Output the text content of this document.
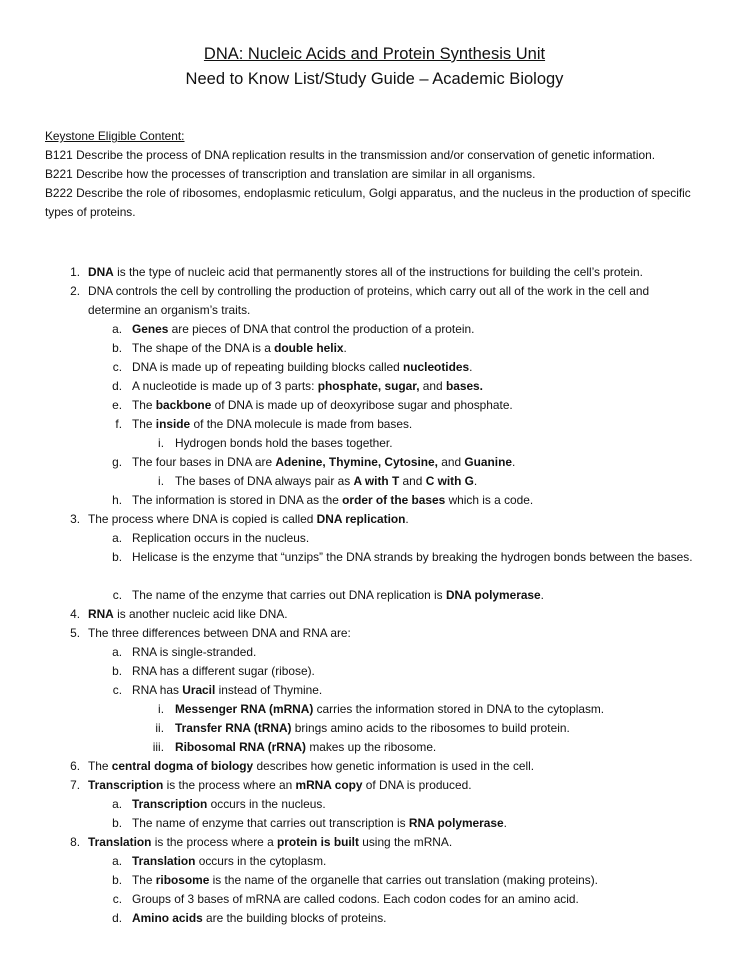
DNA: Nucleic Acids and Protein Synthesis Unit
Need to Know List/Study Guide – Academic Biology

Keystone Eligible Content:

B121 Describe the process of DNA replication results in the transmission and/or conservation of genetic information.

B221 Describe how the processes of transcription and translation are similar in all organisms.

B222 Describe the role of ribosomes, endoplasmic reticulum, Golgi apparatus, and the nucleus in the production of specific types of proteins.

1. DNA is the type of nucleic acid that permanently stores all of the instructions for building the cell’s protein.
2. DNA controls the cell by controlling the production of proteins, which carry out all of the work in the cell and determine an organism’s traits.
a. Genes are pieces of DNA that control the production of a protein.
b. The shape of the DNA is a double helix.
c. DNA is made up of repeating building blocks called nucleotides.
d. A nucleotide is made up of 3 parts: phosphate, sugar, and bases.
e. The backbone of DNA is made up of deoxyribose sugar and phosphate.
f. The inside of the DNA molecule is made from bases.
i. Hydrogen bonds hold the bases together.
g. The four bases in DNA are Adenine, Thymine, Cytosine, and Guanine.
i. The bases of DNA always pair as A with T and C with G.
h. The information is stored in DNA as the order of the bases which is a code.
3. The process where DNA is copied is called DNA replication.
a. Replication occurs in the nucleus.
b. Helicase is the enzyme that “unzips” the DNA strands by breaking the hydrogen bonds between the bases.
c. The name of the enzyme that carries out DNA replication is DNA polymerase.
4. RNA is another nucleic acid like DNA.
5. The three differences between DNA and RNA are:
a. RNA is single-stranded.
b. RNA has a different sugar (ribose).
c. RNA has Uracil instead of Thymine.
i. Messenger RNA (mRNA) carries the information stored in DNA to the cytoplasm.
ii. Transfer RNA (tRNA) brings amino acids to the ribosomes to build protein.
iii. Ribosomal RNA (rRNA) makes up the ribosome.
6. The central dogma of biology describes how genetic information is used in the cell.
7. Transcription is the process where an mRNA copy of DNA is produced.
a. Transcription occurs in the nucleus.
b. The name of enzyme that carries out transcription is RNA polymerase.
8. Translation is the process where a protein is built using the mRNA.
a. Translation occurs in the cytoplasm.
b. The ribosome is the name of the organelle that carries out translation (making proteins).
c. Groups of 3 bases of mRNA are called codons. Each codon codes for an amino acid.
d. Amino acids are the building blocks of proteins.
